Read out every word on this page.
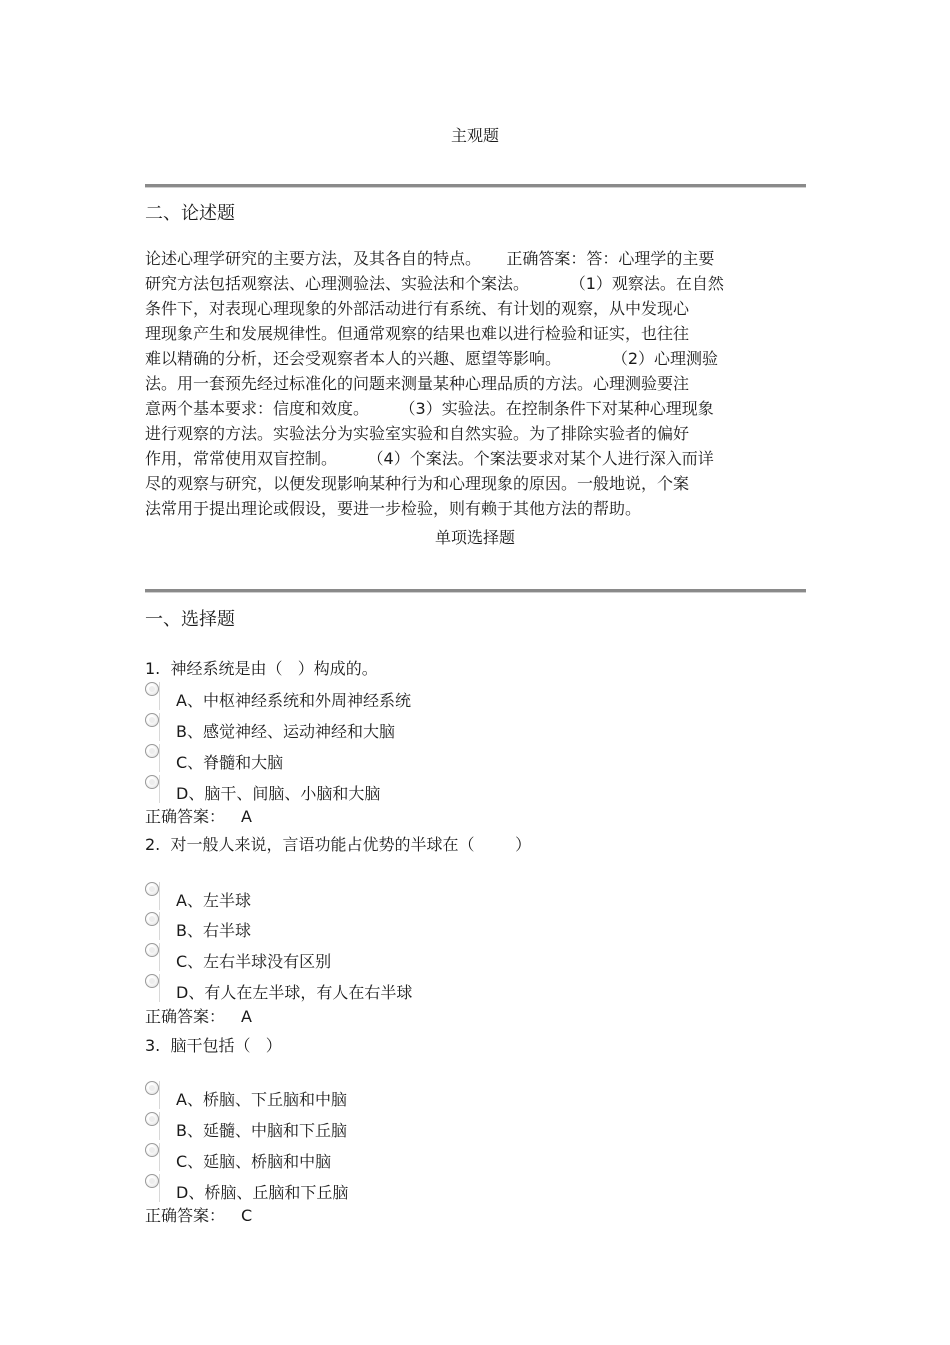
主观题
二、论述题
论述心理学研究的主要方法，及其各自的特点。     正确答案：答：心理学的主要
研究方法包括观察法、心理测验法、实验法和个案法。        （1）观察法。在自然
条件下，对表现心理现象的外部活动进行有系统、有计划的观察，从中发现心
理现象产生和发展规律性。但通常观察的结果也难以进行检验和证实，也往往
难以精确的分析，还会受观察者本人的兴趣、愿望等影响。          （2）心理测验
法。用一套预先经过标准化的问题来测量某种心理品质的方法。心理测验要注
意两个基本要求：信度和效度。      （3）实验法。在控制条件下对某种心理现象
进行观察的方法。实验法分为实验室实验和自然实验。为了排除实验者的偏好
作用，常常使用双盲控制。      （4）个案法。个案法要求对某个人进行深入而详
尽的观察与研究，以便发现影响某种行为和心理现象的原因。一般地说，个案
法常用于提出理论或假设，要进一步检验，则有赖于其他方法的帮助。
单项选择题
一、选择题
1.  神经系统是由（   ）构成的。
A、中枢神经系统和外周神经系统
B、感觉神经、运动神经和大脑
C、脊髓和大脑
D、脑干、间脑、小脑和大脑
正确答案： A
2.  对一般人来说，言语功能占优势的半球在（        ）
A、左半球
B、右半球
C、左右半球没有区别
D、有人在左半球，有人在右半球
正确答案： A
3.  脑干包括（   ）
A、桥脑、下丘脑和中脑
B、延髓、中脑和下丘脑
C、延脑、桥脑和中脑
D、桥脑、丘脑和下丘脑
正确答案： C
